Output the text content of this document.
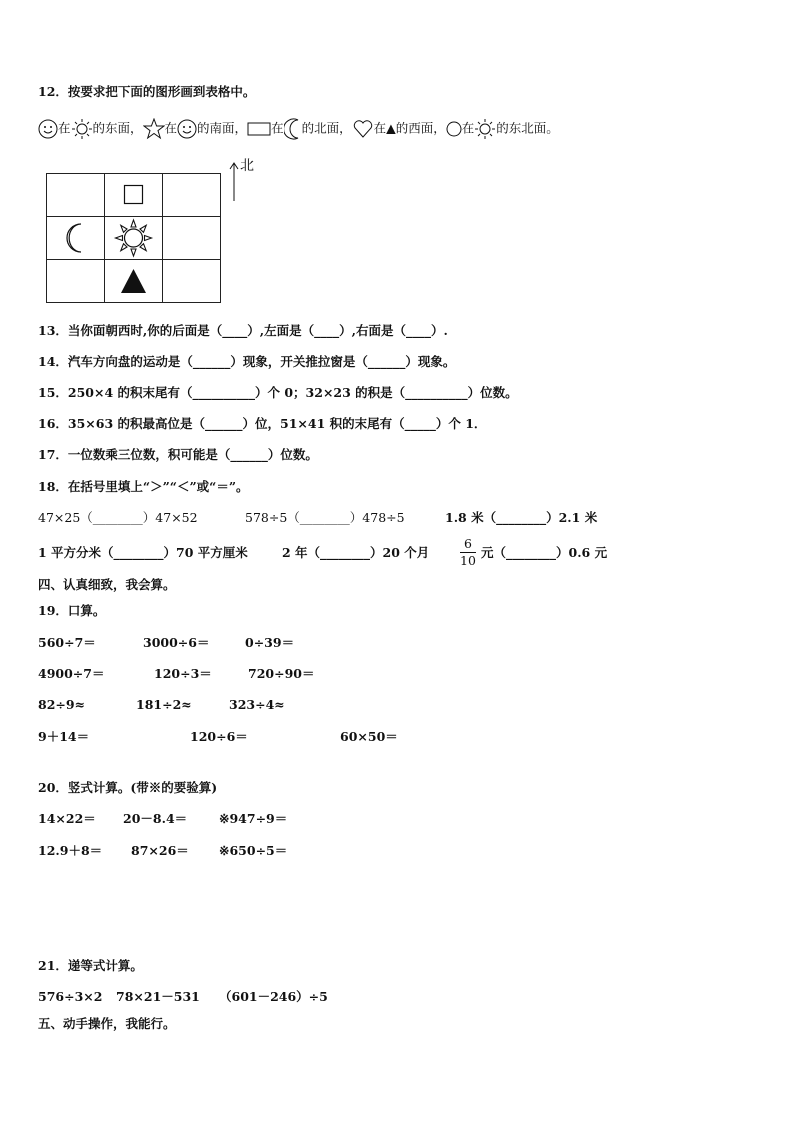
12．按要求把下面的图形画到表格中。
在 的东面， 在 的南面， 在 的北面， 在▲的西面， 在 的东北面。

北
13．当你面朝西时,你的后面是（____）,左面是（____）,右面是（____）.
14．汽车方向盘的运动是（______）现象，开关推拉窗是（______）现象。
15．250×4 的积末尾有（__________）个 0；32×23 的积是（__________）位数。
16．35×63 的积最高位是（______）位，51×41 积的末尾有（_____）个 1．
17．一位数乘三位数，积可能是（______）位数。
18．在括号里填上“＞”“＜”或“＝”。
47×25（________）47×52	578÷5（________）478÷5	1.8 米（________）2.1 米
1 平方分米（________）70 平方厘米	2 年（________）20 个月 $\frac{6}{10}$ 元（________）0.6 元
四、认真细致，我会算。
19．口算。
560÷7＝	3000÷6＝	0÷39＝
4900÷7＝	120÷3＝	720÷90＝
82÷9≈	181÷2≈	323÷4≈
9＋14＝	120÷6＝	60×50＝
20．竖式计算。(带※的要验算)
14×22＝ 20－8.4＝	※947÷9＝
12.9＋8＝ 87×26＝ ※650÷5＝
21．递等式计算。
576÷3×2 78×21－531 （601－246）÷5
五、动手操作，我能行。
